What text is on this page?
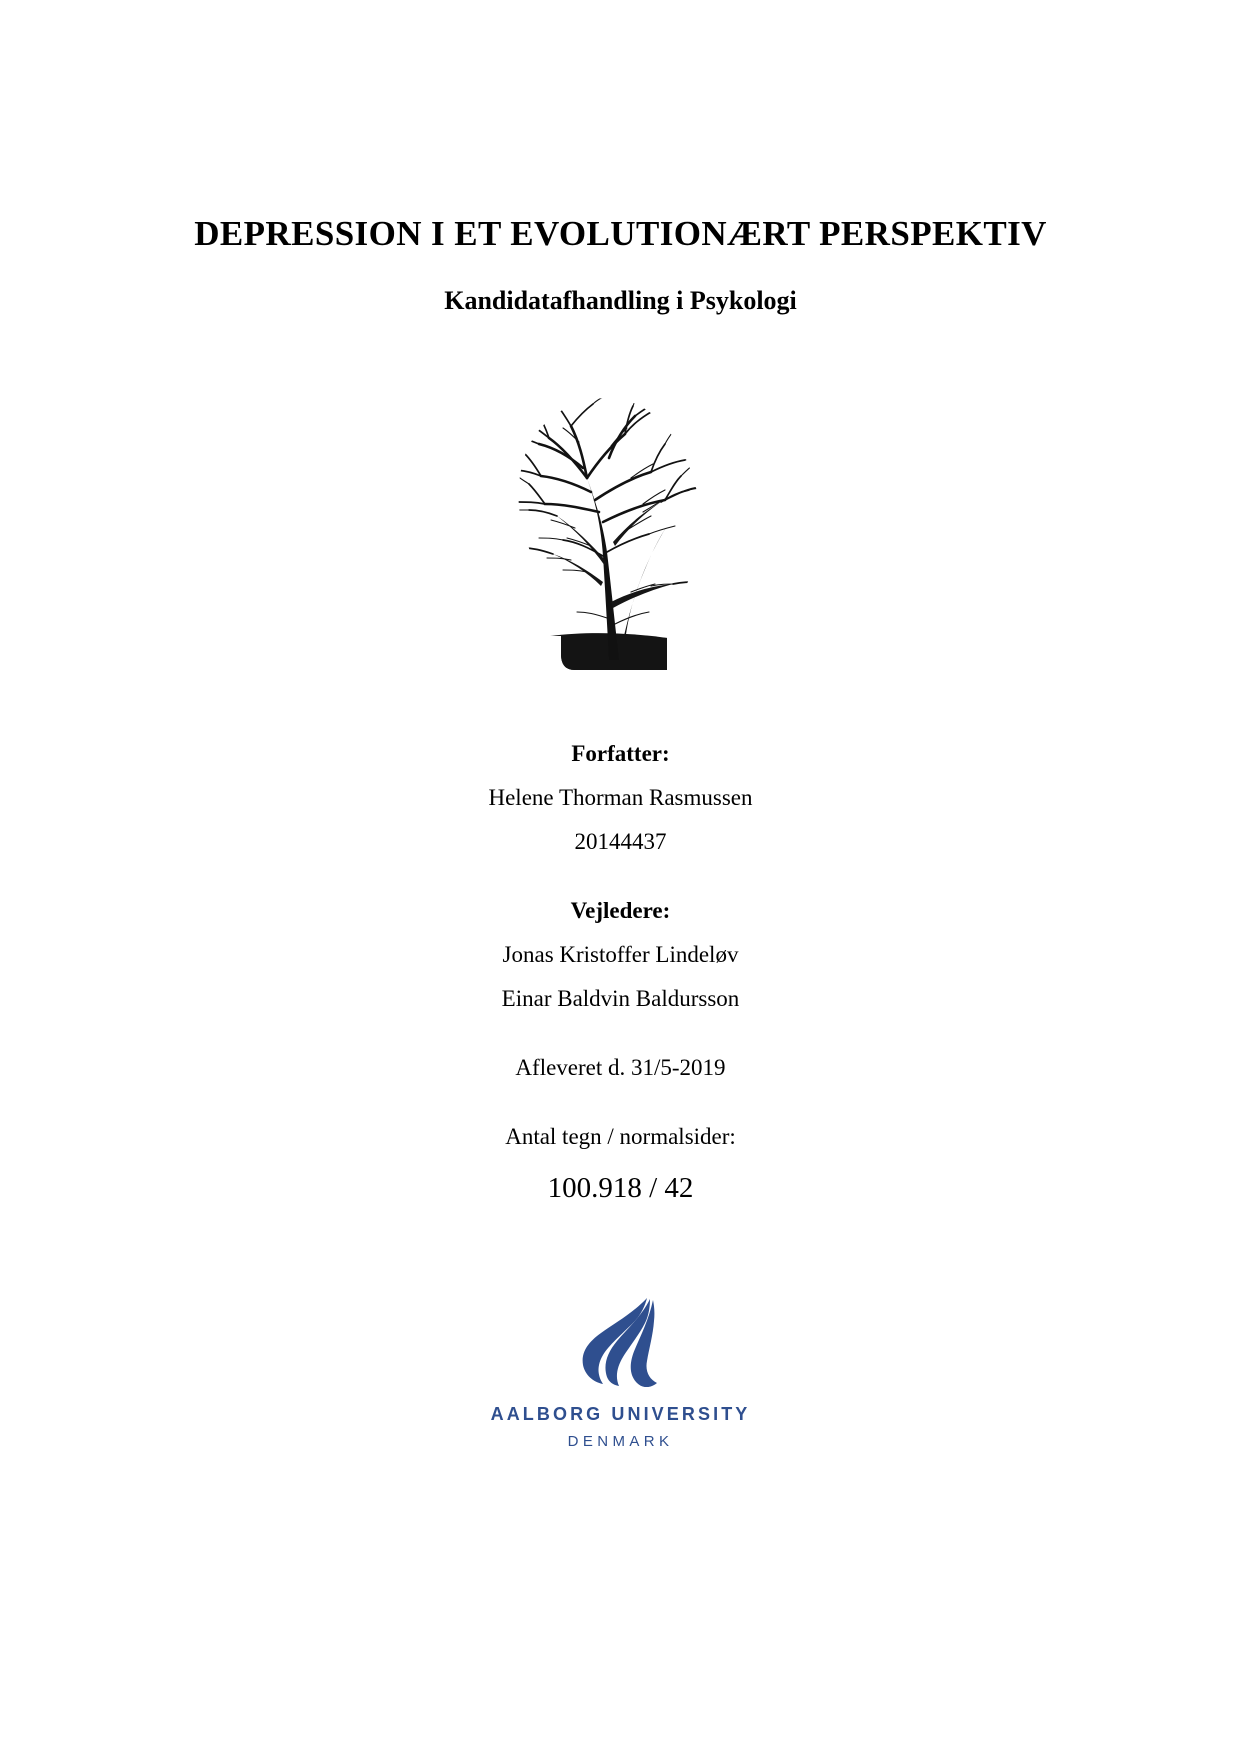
DEPRESSION I ET EVOLUTIONÆRT PERSPEKTIV
Kandidatafhandling i Psykologi

Forfatter:

Helene Thorman Rasmussen

20144437

Vejledere:

Jonas Kristoffer Lindeløv

Einar Baldvin Baldursson

Afleveret d. 31/5-2019

Antal tegn / normalsider:

100.918 / 42

AALBORG UNIVERSITY
DENMARK
